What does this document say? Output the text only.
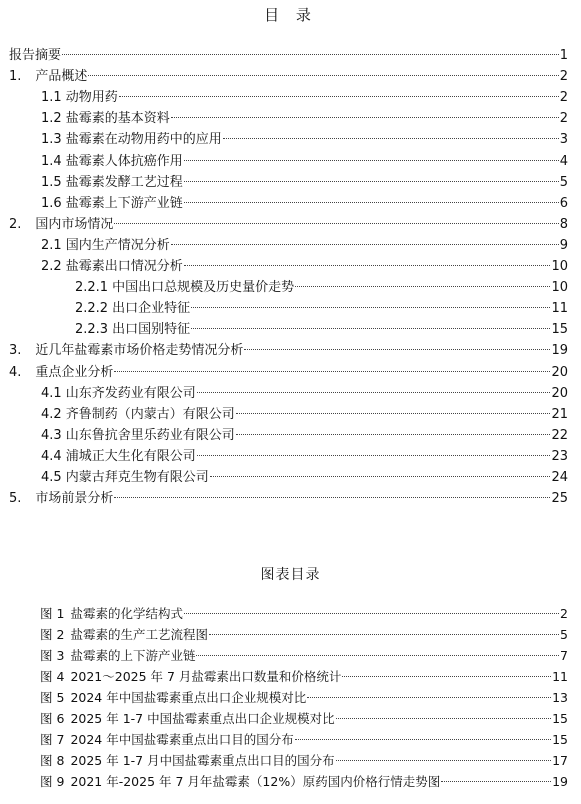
目 录
报告摘要	1
1. 产品概述	2
1.1 动物用药	2
1.2 盐霉素的基本资料	2
1.3 盐霉素在动物用药中的应用	3
1.4 盐霉素人体抗癌作用	4
1.5 盐霉素发酵工艺过程	5
1.6 盐霉素上下游产业链	6
2. 国内市场情况	8
2.1 国内生产情况分析	9
2.2 盐霉素出口情况分析	10
2.2.1 中国出口总规模及历史量价走势	10
2.2.2 出口企业特征	11
2.2.3 出口国别特征	15
3. 近几年盐霉素市场价格走势情况分析	19
4. 重点企业分析	20
4.1 山东齐发药业有限公司	20
4.2 齐鲁制药（内蒙古）有限公司	21
4.3 山东鲁抗舍里乐药业有限公司	22
4.4 浦城正大生化有限公司	23
4.5 内蒙古拜克生物有限公司	24
5. 市场前景分析	25
图表目录
图 1 盐霉素的化学结构式	2
图 2 盐霉素的生产工艺流程图	5
图 3 盐霉素的上下游产业链	7
图 4 2021～2025 年 7 月盐霉素出口数量和价格统计	11
图 5 2024 年中国盐霉素重点出口企业规模对比	13
图 6 2025 年 1-7 中国盐霉素重点出口企业规模对比	15
图 7 2024 年中国盐霉素重点出口目的国分布	15
图 8 2025 年 1-7 月中国盐霉素重点出口目的国分布	17
图 9 2021 年-2025 年 7 月年盐霉素（12%）原药国内价格行情走势图	19
